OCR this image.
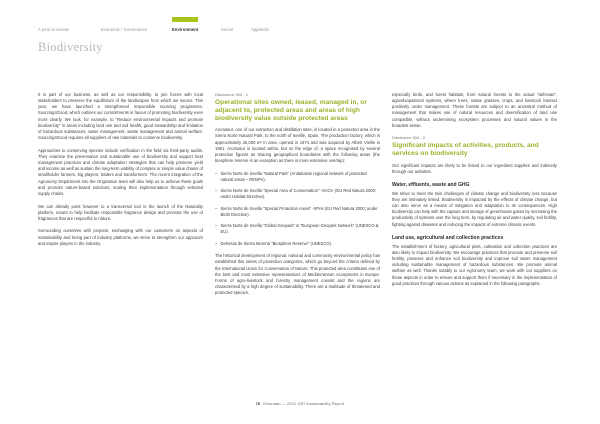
A year in review	Economic / Governance	Environment	Social	Appendix
Biodiversity

It is part of our business, as well as our responsibility, to join forces with local stakeholders to preserve the equilibrium of the landscapes from which we source. This year, we have launched a strengthened responsible sourcing programme, Sourcing4Good, which outlines our commitments in favour of promoting biodiversity even more clearly. We look, for example, to "Reduce environmental impacts and promote biodiversity" in areas including land use and soil health, good stewardship and limitation of hazardous substances, water management, waste management and animal welfare. Sourcing4Good requires all suppliers of raw materials to conserve biodiversity.

Approaches to conserving species include verification in the field via third-party audits. They examine the preservation and sustainable use of biodiversity and support best management practices and climate adaptation strategies that can help preserve yield and income as well as sustain the long-term viability of complex or simple value chains of smallholder farmers, big players, traders and transformers. The recent integration of the Agronomy Department into the Origination team will also help us to achieve these goals and promote nature-based solutions, scaling their implementation through selected supply chains.

We can already point however to a transversal tool in the launch of the Naturality platform, meant to help facilitate responsible fragrance design and promote the use of fragrances that are respectful to nature.

Surrounding ourselves with projects, exchanging with our customers on aspects of sustainability and being part of industry platforms, we strive to strengthen our approach and inspire players in the industry.

Disclosure 304 - 1
Operational sites owned, leased, managed in, or adjacent to, protected areas and areas of high biodiversity value outside protected areas

Aromasur, one of our extraction and distillation sites, is located in a protected area in the Sierra Norte Natural Park, to the north of Seville, Spain. The production factory, which is approximately 26,000 m² in area, opened in 1974 and was acquired by Albert Vieille in 1991. Aromasur is located within, but on the edge of, a space recognised by several protection figures as sharing geographical boundaries with the following areas (the biosphere reserve is an exception as there is more extensive overlap):

– Sierra Norte de Sevilla "Natural Park" (Andalusian regional network of protected natural areas – RENPA).
– Sierra Norte de Sevilla "Special Area of Conservation" -SACs- (EU Red Natura 2000; under Habitat Directive).
– Sierra Norte de Sevilla "Special Protection Areas" -SPAs (EU Red Natura 2000; under Birds Directive).
– Sierra Norte de Sevilla "Global Geopark" & "European Geopark Network" (UNESCO & EU).
– Dehesas de Sierra Morena "Biosphere Reserve" (UNESCO).

The historical development of regional, national and community environmental policy has established this series of protection categories, which go beyond the criteria defined by the International Union for Conservation of Nature. This protected area constitutes one of the best and most extensive representations of Mediterranean ecosystems in Europe. Forms of agro-livestock and forestry management coexist and the regions are characterised by a high degree of sustainability. There are a multitude of threatened and protected species,

especially birds, and forest habitats, from natural forests to the actual "dehesas", agrosilvopastoral systems, where trees, native grasses, crops, and livestock interact positively under management. These forests are subject to an ancestral method of management that makes use of natural resources and diversification of land use compatible, without undermining ecosystem processes and natural values in the broadest sense.

Disclosure 304 - 2
Significant impacts of activities, products, and services on biodiversity

Our significant impacts are likely to be linked to our ingredient supplies and indirectly through our activities.

Water, effluents, waste and GHG

We strive to meet the twin challenges of climate change and biodiversity loss because they are intimately linked. Biodiversity is impacted by the effects of climate change, but can also serve as a means of mitigation and adaptation to its consequences. High biodiversity can help with the capture and storage of greenhouse gases by increasing the productivity of systems over the long term, by regulating air and water quality, soil fertility, fighting against diseases and reducing the impacts of extreme climatic events.

Land use, agricultural and collection practices

The establishment of factory, agricultural plots, cultivation and collection practices are also likely to impact biodiversity. We encourage practices that promote and preserve soil fertility, preserve and enhance soil biodiversity and improve soil water management including sustainable management of hazardous substances. We promote animal welfare as well. Thanks notably to our Agronomy team, we work with our suppliers on these aspects in order to ensure and support them if necessary in the implementation of good practices through various actions as explained in the following paragraphs.

76 Givaudan — 2021 GRI Sustainability Report
